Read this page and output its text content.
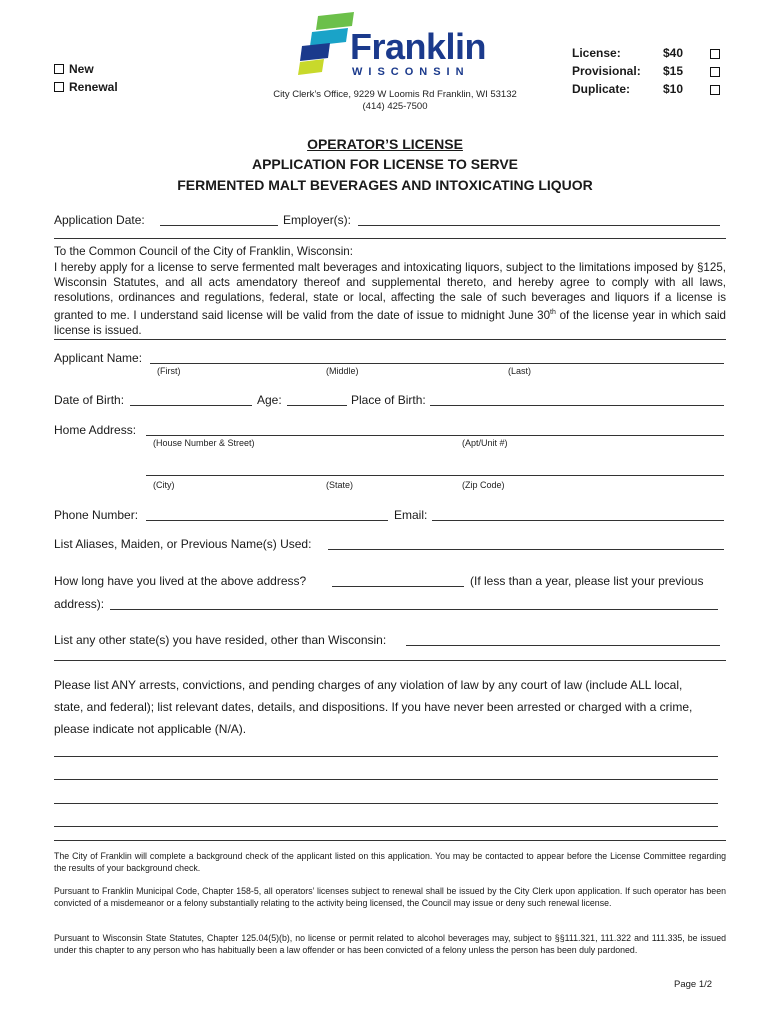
New
Renewal
Franklin
WISCONSIN
City Clerk’s Office, 9229 W Loomis Rd Franklin, WI 53132
(414) 425-7500
License:	$40
Provisional: $15
Duplicate:	$10
OPERATOR’S LICENSE
APPLICATION FOR LICENSE TO SERVE
FERMENTED MALT BEVERAGES AND INTOXICATING LIQUOR
Application Date:	Employer(s):
To the Common Council of the City of Franklin, Wisconsin:
I hereby apply for a license to serve fermented malt beverages and intoxicating liquors, subject to the limitations imposed by §125, Wisconsin Statutes, and all acts amendatory thereof and supplemental thereto, and hereby agree to comply with all laws, resolutions, ordinances and regulations, federal, state or local, affecting the sale of such beverages and liquors if a license is granted to me. I understand said license will be valid from the date of issue to midnight June 30th of the license year in which said license is issued.
Applicant Name:
(First)	(Middle)	(Last)
Date of Birth:	Age:	Place of Birth:
Home Address:
(House Number & Street)	(Apt/Unit #)
(City)	(State)	(Zip Code)
Phone Number:	Email:
List Aliases, Maiden, or Previous Name(s) Used:
How long have you lived at the above address?	(If less than a year, please list your previous
address):
List any other state(s) you have resided, other than Wisconsin:
Please list ANY arrests, convictions, and pending charges of any violation of law by any court of law (include ALL local,
state, and federal); list relevant dates, details, and dispositions. If you have never been arrested or charged with a crime,
please indicate not applicable (N/A).
The City of Franklin will complete a background check of the applicant listed on this application. You may be contacted to appear before the License Committee regarding the results of your background check.
Pursuant to Franklin Municipal Code, Chapter 158-5, all operators’ licenses subject to renewal shall be issued by the City Clerk upon application. If such operator has been convicted of a misdemeanor or a felony substantially relating to the activity being licensed, the Council may issue or deny such renewal license.
Pursuant to Wisconsin State Statutes, Chapter 125.04(5)(b), no license or permit related to alcohol beverages may, subject to §§111.321, 111.322 and 111.335, be issued under this chapter to any person who has habitually been a law offender or has been convicted of a felony unless the person has been duly pardoned.
Page 1/2
